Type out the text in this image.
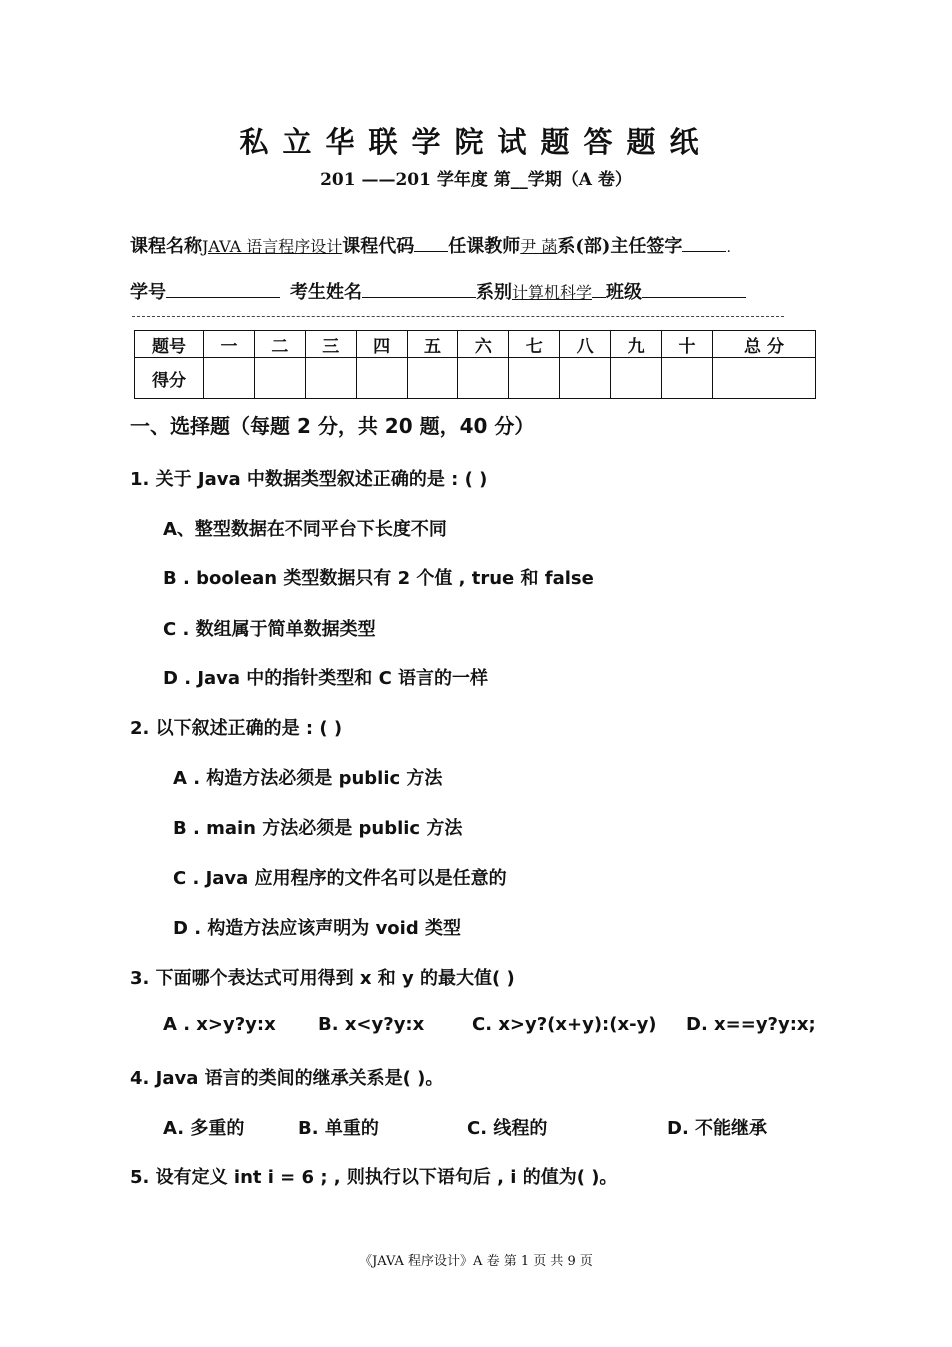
私立华联学院试题答题纸
201 ——201 学年度 第__学期（A 卷）
课程名称JAVA 语言程序设计课程代码 任课教师尹 菡系(部)主任签字	.
学号	考生姓名	系别计算机科学 班级
题号	一	二	三	四	五	六	七	八	九	十	总 分
得分											
一、选择题（每题 2 分，共 20 题，40 分）
1. 关于 Java 中数据类型叙述正确的是 : ( )
A、整型数据在不同平台下长度不同
B . boolean 类型数据只有 2 个值 , true 和 false
C . 数组属于简单数据类型
D . Java 中的指针类型和 C 语言的一样
2. 以下叙述正确的是 : ( )
A . 构造方法必须是 public 方法
B . main 方法必须是 public 方法
C . Java 应用程序的文件名可以是任意的
D . 构造方法应该声明为 void 类型
3. 下面哪个表达式可用得到 x 和 y 的最大值( )
A . x>y?y:x B. x<y?y:x	C. x>y?(x+y):(x-y) D. x==y?y:x;
4. Java 语言的类间的继承关系是( )。
A. 多重的	B. 单重的	C. 线程的	D. 不能继承
5. 设有定义 int i = 6 ; , 则执行以下语句后 , i 的值为( )。
《JAVA 程序设计》A 卷 第 1 页 共 9 页
